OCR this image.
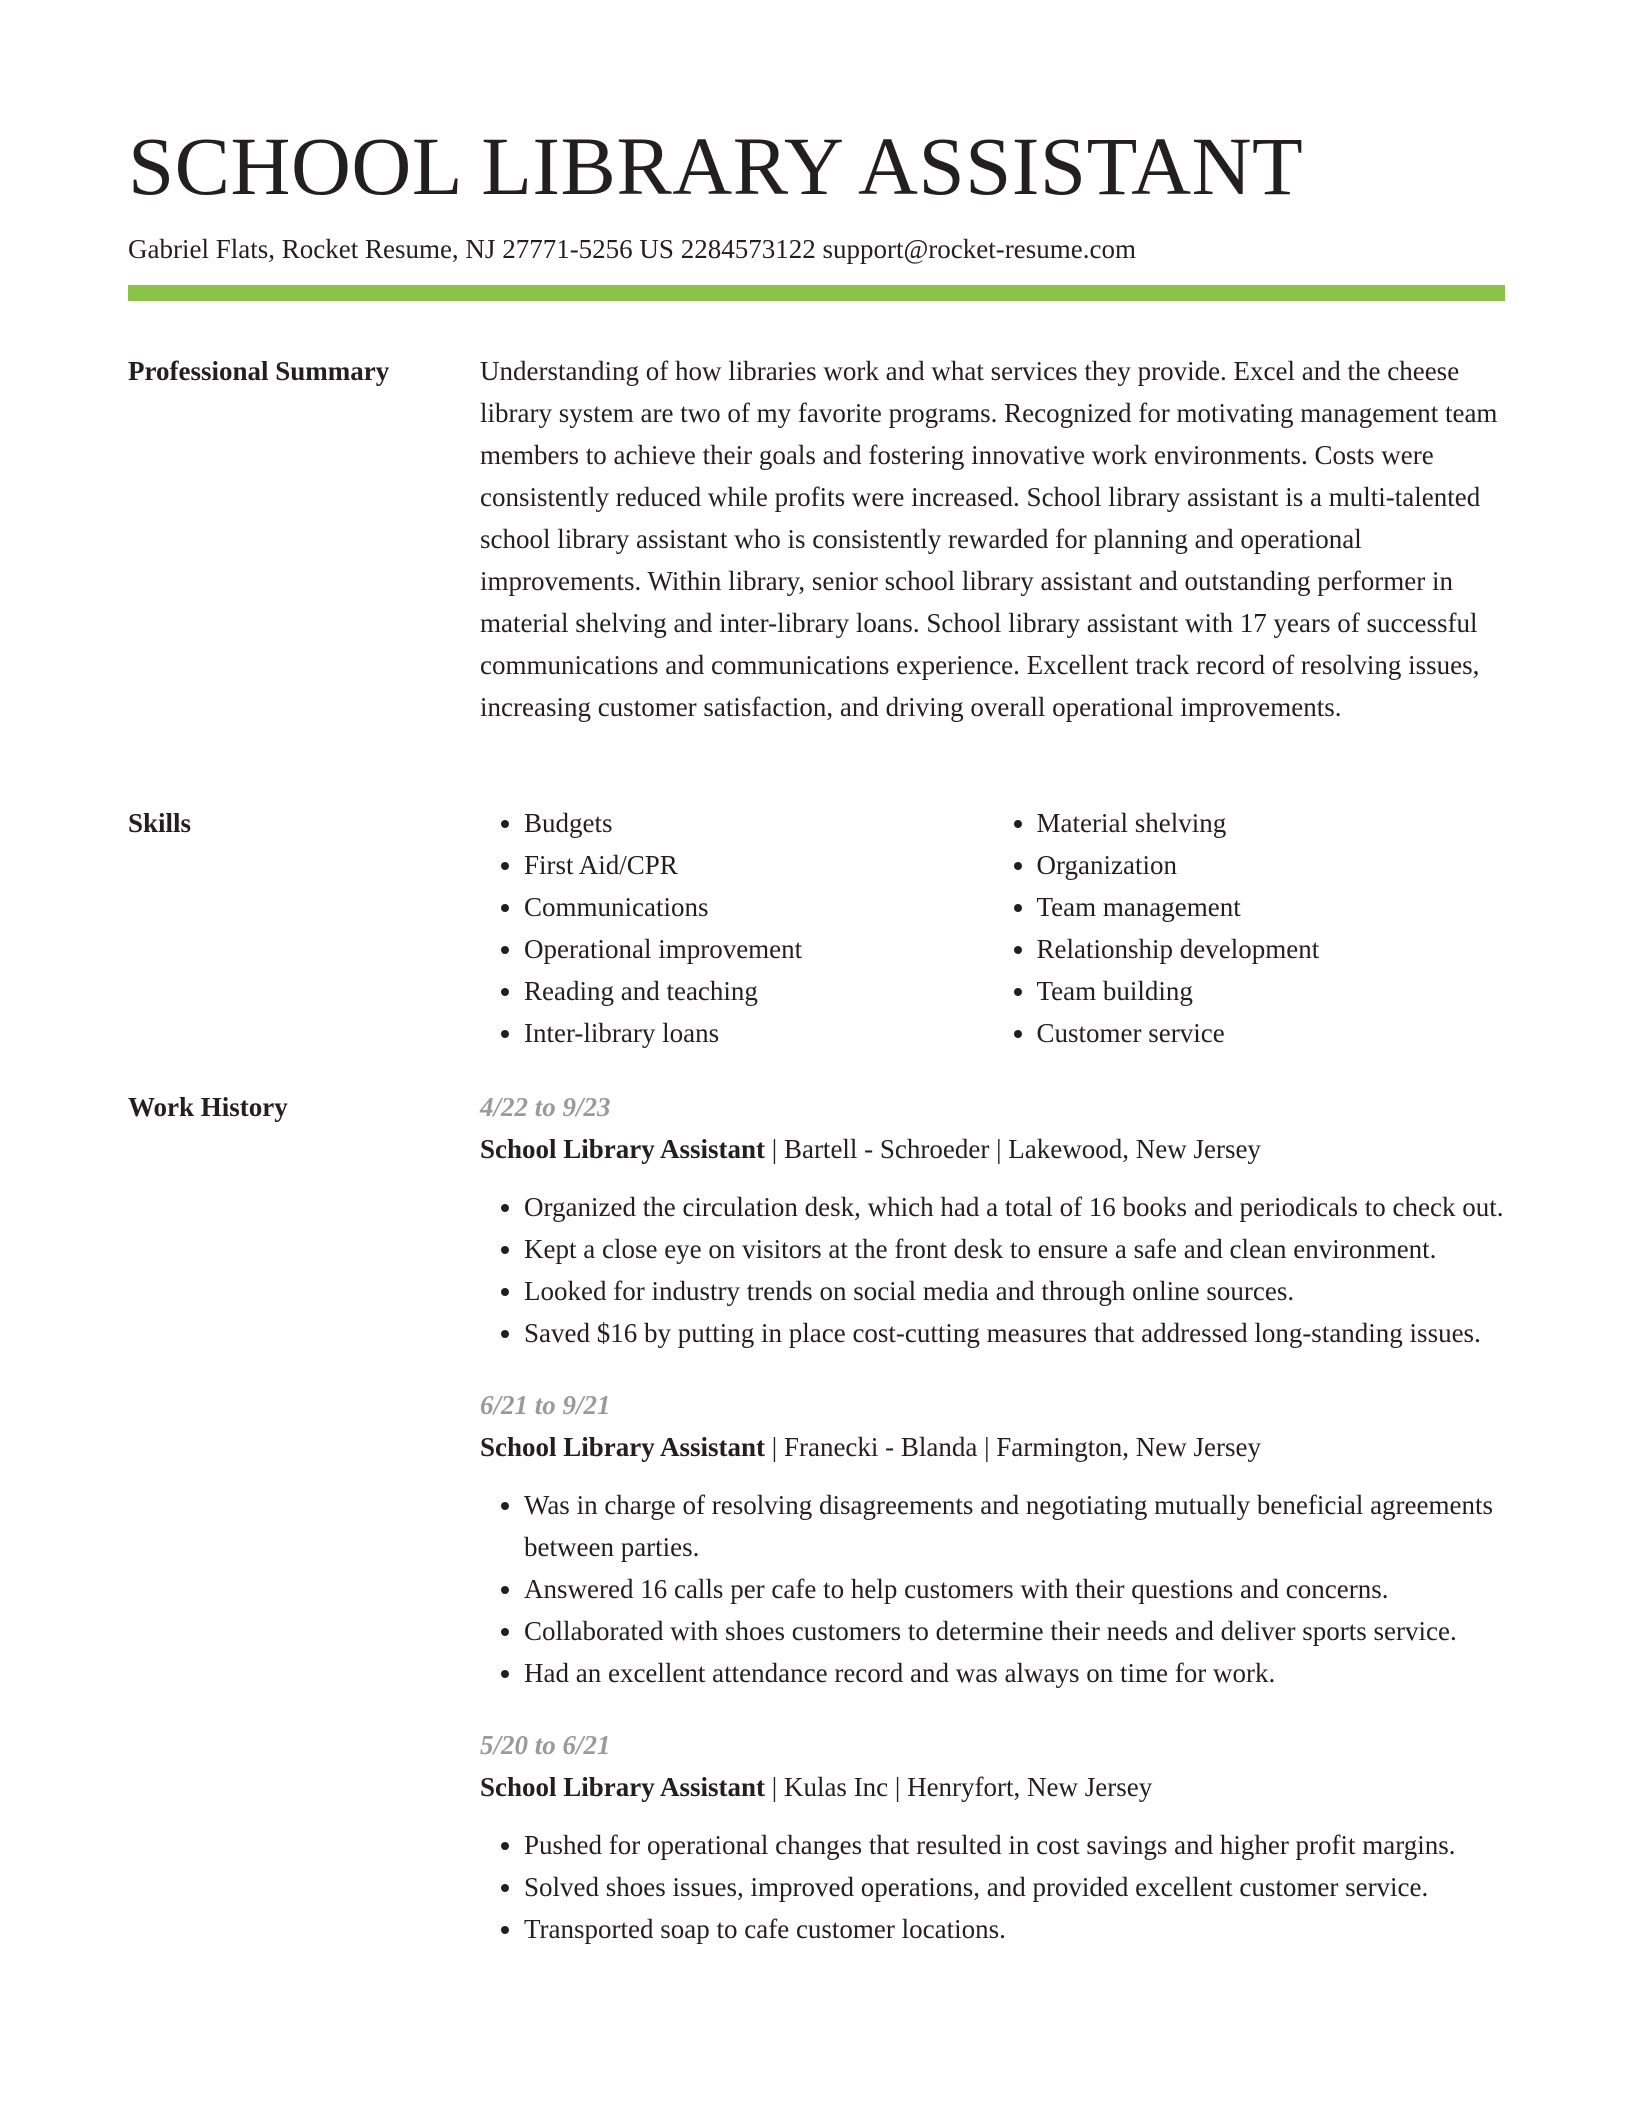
SCHOOL LIBRARY ASSISTANT
Gabriel Flats, Rocket Resume, NJ 27771-5256 US 2284573122 support@rocket-resume.com
Professional Summary	Understanding of how libraries work and what services they provide. Excel and the cheese library system are two of my favorite programs. Recognized for motivating management team members to achieve their goals and fostering innovative work environments. Costs were consistently reduced while profits were increased. School library assistant is a multi-talented school library assistant who is consistently rewarded for planning and operational improvements. Within library, senior school library assistant and outstanding performer in material shelving and inter-library loans. School library assistant with 17 years of successful communications and communications experience. Excellent track record of resolving issues, increasing customer satisfaction, and driving overall operational improvements.

Skills
•	Budgets
• First Aid/CPR
• Communications
• Operational improvement
• Reading and teaching
• Inter-library loans
• Material shelving
• Organization
• Team management
• Relationship development
• Team building
• Customer service
Work History	4/22 to 9/23
School Library Assistant | Bartell - Schroeder | Lakewood, New Jersey
• Organized the circulation desk, which had a total of 16 books and periodicals to check out.
• Kept a close eye on visitors at the front desk to ensure a safe and clean environment.
• Looked for industry trends on social media and through online sources.
• Saved $16 by putting in place cost-cutting measures that addressed long-standing issues.
6/21 to 9/21
School Library Assistant | Franecki - Blanda | Farmington, New Jersey
• Was in charge of resolving disagreements and negotiating mutually beneficial agreements between parties.
• Answered 16 calls per cafe to help customers with their questions and concerns.
• Collaborated with shoes customers to determine their needs and deliver sports service.
• Had an excellent attendance record and was always on time for work.
5/20 to 6/21
School Library Assistant | Kulas Inc | Henryfort, New Jersey
• Pushed for operational changes that resulted in cost savings and higher profit margins.
• Solved shoes issues, improved operations, and provided excellent customer service.
• Transported soap to cafe customer locations.
